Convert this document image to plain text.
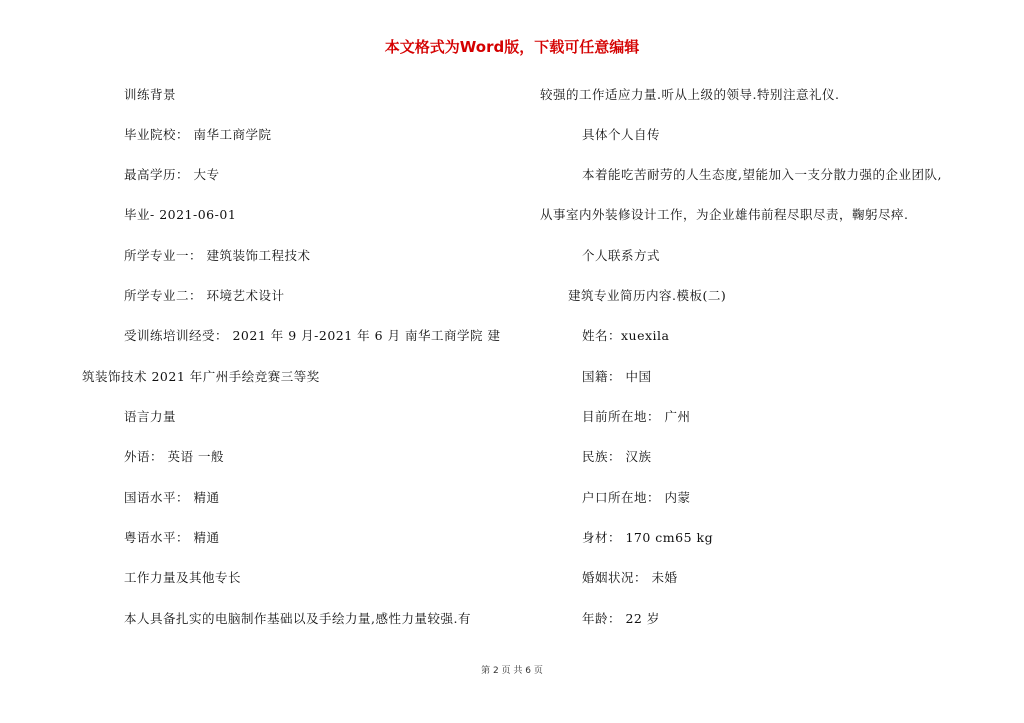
本文格式为Word版，下载可任意编辑
训练背景
毕业院校： 南华工商学院
最高学历： 大专
毕业- 2021-06-01
所学专业一： 建筑装饰工程技术
所学专业二： 环境艺术设计
受训练培训经受： 2021 年 9 月-2021 年 6 月 南华工商学院 建
筑装饰技术 2021 年广州手绘竞赛三等奖
语言力量
外语： 英语 一般
国语水平： 精通
粤语水平： 精通
工作力量及其他专长
本人具备扎实的电脑制作基础以及手绘力量,感性力量较强.有
较强的工作适应力量.听从上级的领导.特别注意礼仪.
具体个人自传
本着能吃苦耐劳的人生态度,望能加入一支分散力强的企业团队,
从事室内外装修设计工作，为企业雄伟前程尽职尽责，鞠躬尽瘁.
个人联系方式
建筑专业简历内容.模板(二)
姓名：xuexila
国籍： 中国
目前所在地： 广州
民族： 汉族
户口所在地： 内蒙
身材： 170 cm65 kg
婚姻状况： 未婚
年龄： 22 岁
第 2 页 共 6 页
